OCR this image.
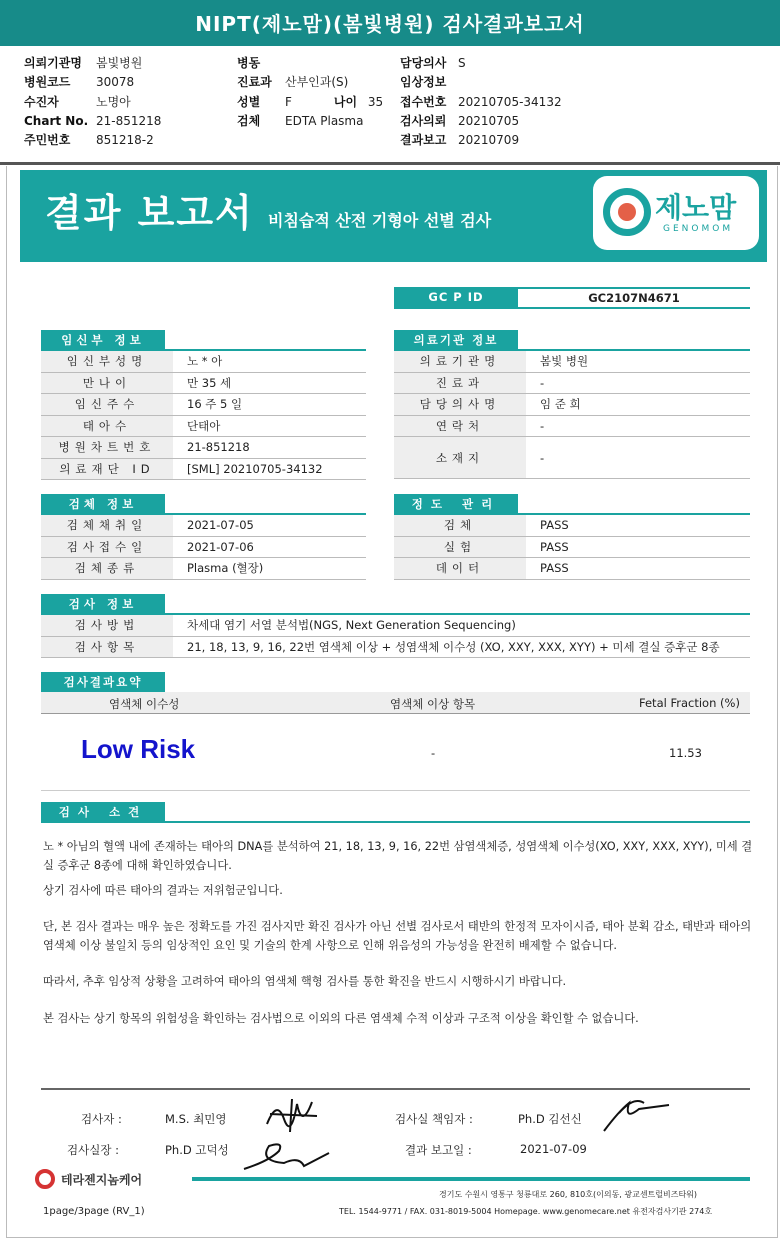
NIPT(제노맘)(봄빛병원) 검사결과보고서
의뢰기관명	봄빛병원
병원코드	30078
수진자	노명아
Chart No. 21-851218
주민번호	851218-2
병동
진료과	산부인과(S)
성별	F	나이 35
검체	EDTA Plasma
담당의사 S
임상정보
접수번호 20210705-34132
검사의뢰 20210705
결과보고 20210709
결과 보고서 비침습적 산전 기형아 선별 검사	제노맘
GENOMOM
GC P ID	GC2107N4671
임신부 정보
임신부성명	노 * 아
만나이	만 35 세
임신주수	16 주 5 일
태아수	단태아
병원차트번호	21-851218
의료재단 ID	[SML] 20210705-34132
의료기관 정보
의료기관명	봄빛 병원
진료과	-
담당의사명	임 준 희
연락처	-
소재지	-
검체 정보
검체채취일	2021-07-05
검사접수일	2021-07-06
검체종류	Plasma (혈장)
정도 관리
검체	PASS
실험	PASS
데이터	PASS
검사 정보
검사방법	차세대 염기 서열 분석법(NGS, Next Generation Sequencing)
검사항목	21, 18, 13, 9, 16, 22번 염색체 이상 + 성염색체 이수성 (XO, XXY, XXX, XYY) + 미세 결실 증후군 8종
검사결과요약
염색체 이수성	염색체 이상 항목	Fetal Fraction (%)
Low Risk	-	11.53
검사 소견
노 * 아님의 혈액 내에 존재하는 태아의 DNA를 분석하여 21, 18, 13, 9, 16, 22번 삼염색체증, 성염색체 이수성(XO, XXY, XXX, XYY), 미세 결실 증후군 8종에 대해 확인하였습니다.
상기 검사에 따른 태아의 결과는 저위험군입니다.
단, 본 검사 결과는 매우 높은 정확도를 가진 검사지만 확진 검사가 아닌 선별 검사로서 태반의 한정적 모자이시즘, 태아 분획 감소, 태반과 태아의 염색체 이상 불일치 등의 임상적인 요인 및 기술의 한계 사항으로 인해 위음성의 가능성을 완전히 배제할 수 없습니다.
따라서, 추후 임상적 상황을 고려하여 태아의 염색체 핵형 검사를 통한 확진을 반드시 시행하시기 바랍니다.
본 검사는 상기 항목의 위험성을 확인하는 검사법으로 이외의 다른 염색체 수적 이상과 구조적 이상을 확인할 수 없습니다.
검사자 :	M.S. 최민영	검사실 책임자 :	Ph.D 김선신
검사실장 :	Ph.D 고덕성	결과 보고일 :	2021-07-09
테라젠지놈케어
경기도 수원시 영통구 청룡대로 260, 810호(이의동, 광교센트럴비즈타워)
TEL. 1544-9771 / FAX. 031-8019-5004 Homepage. www.genomecare.net 유전자검사기관 274호
1page/3page (RV_1)
